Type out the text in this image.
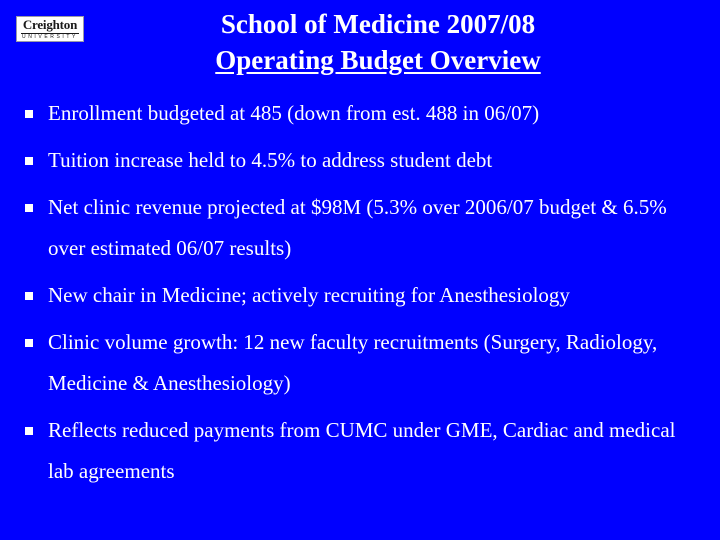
Creighton
UNIVERSITY	School of Medicine 2007/08
Operating Budget Overview
Enrollment budgeted at 485 (down from est. 488 in 06/07)
Tuition increase held to 4.5% to address student debt
Net clinic revenue projected at $98M (5.3% over 2006/07 budget & 6.5% over estimated 06/07 results)
New chair in Medicine; actively recruiting for Anesthesiology
Clinic volume growth: 12 new faculty recruitments (Surgery, Radiology, Medicine & Anesthesiology)
Reflects reduced payments from CUMC under GME, Cardiac and medical lab agreements
